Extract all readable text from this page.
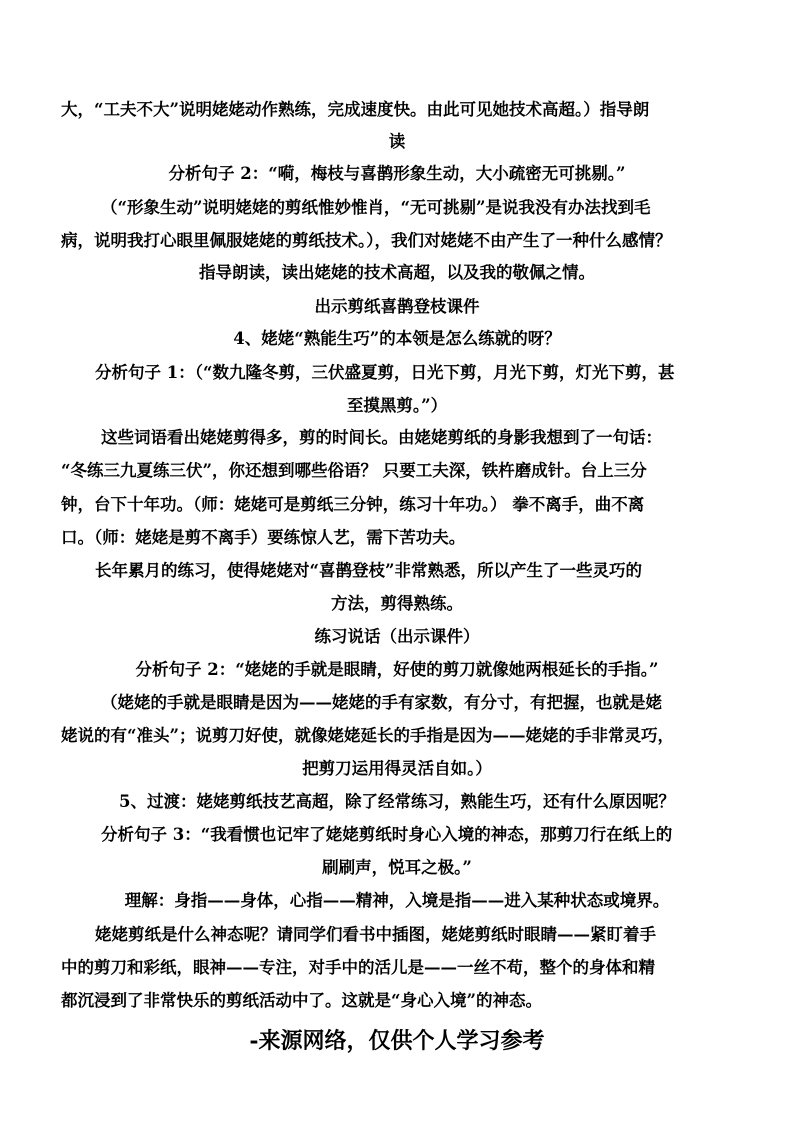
大，“工夫不大”说明姥姥动作熟练，完成速度快。由此可见她技术高超。）指导朗
读
分析句子 2：“嗬，梅枝与喜鹊形象生动，大小疏密无可挑剔。”
（“形象生动”说明姥姥的剪纸惟妙惟肖，“无可挑剔”是说我没有办法找到毛
病，说明我打心眼里佩服姥姥的剪纸技术。），我们对姥姥不由产生了一种什么感情？
指导朗读，读出姥姥的技术高超，以及我的敬佩之情。
出示剪纸喜鹊登枝课件
4、姥姥“熟能生巧”的本领是怎么练就的呀？
分析句子 1：（“数九隆冬剪，三伏盛夏剪，日光下剪，月光下剪，灯光下剪，甚
至摸黑剪。”）
这些词语看出姥姥剪得多，剪的时间长。由姥姥剪纸的身影我想到了一句话：
“冬练三九夏练三伏”，你还想到哪些俗语？ 只要工夫深，铁杵磨成针。台上三分
钟，台下十年功。（师：姥姥可是剪纸三分钟，练习十年功。） 拳不离手，曲不离
口。（师：姥姥是剪不离手）要练惊人艺，需下苦功夫。
长年累月的练习，使得姥姥对“喜鹊登枝”非常熟悉，所以产生了一些灵巧的
方法，剪得熟练。
练习说话（出示课件）
分析句子 2：“姥姥的手就是眼睛，好使的剪刀就像她两根延长的手指。”
（姥姥的手就是眼睛是因为——姥姥的手有家数，有分寸，有把握，也就是姥
姥说的有“准头”；说剪刀好使，就像姥姥延长的手指是因为——姥姥的手非常灵巧，
把剪刀运用得灵活自如。）
5、过渡：姥姥剪纸技艺高超，除了经常练习，熟能生巧，还有什么原因呢？
分析句子 3：“我看惯也记牢了姥姥剪纸时身心入境的神态，那剪刀行在纸上的
刷刷声，悦耳之极。”
理解：身指——身体，心指——精神，入境是指——进入某种状态或境界。
姥姥剪纸是什么神态呢？请同学们看书中插图，姥姥剪纸时眼睛——紧盯着手
中的剪刀和彩纸，眼神——专注，对手中的活儿是——一丝不苟，整个的身体和精
都沉浸到了非常快乐的剪纸活动中了。这就是“身心入境”的神态。
-来源网络，仅供个人学习参考
